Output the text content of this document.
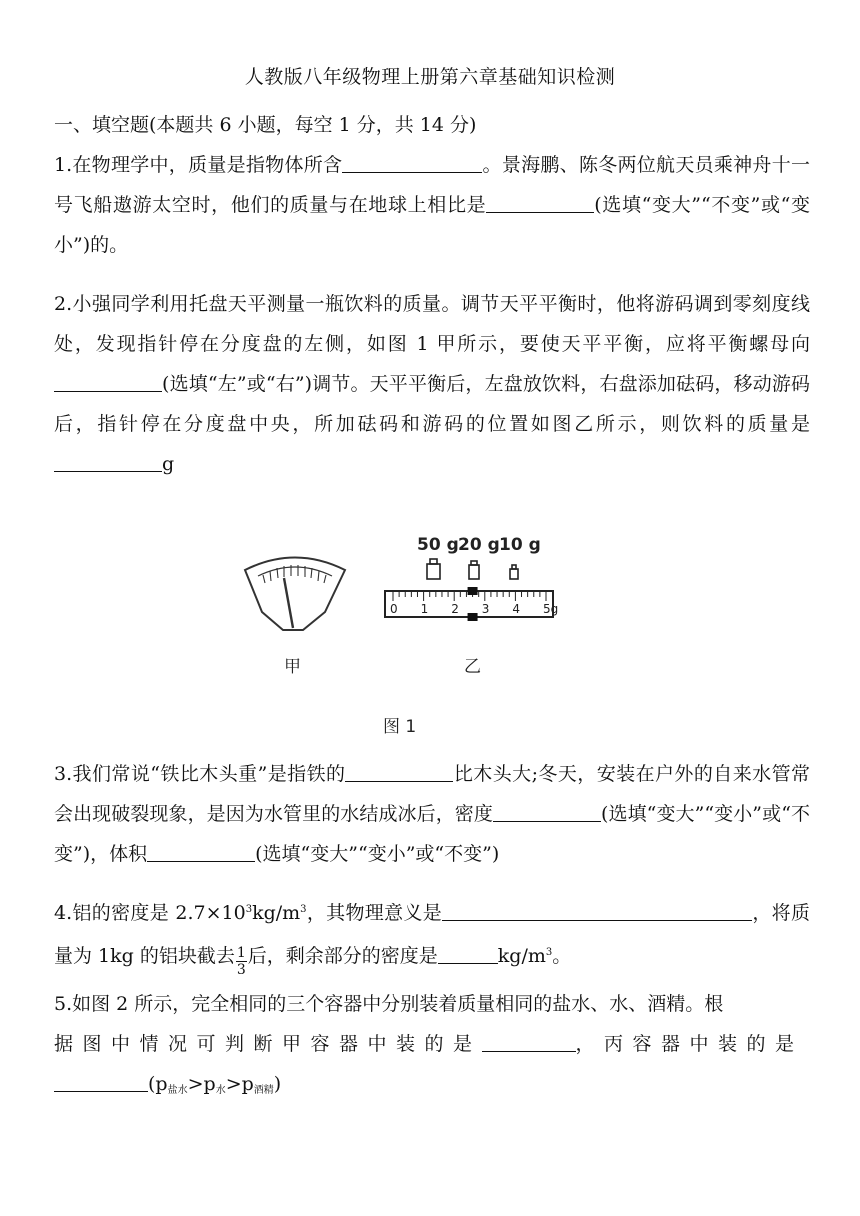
人教版八年级物理上册第六章基础知识检测
一、填空题(本题共 6 小题，每空 1 分，共 14 分)
1.在物理学中，质量是指物体所含	。景海鹏、陈冬两位航天员乘神舟十一号飞船遨游太空时，他们的质量与在地球上相比是	(选填“变大”“不变”或“变小”)的。
2.小强同学利用托盘天平测量一瓶饮料的质量。调节天平平衡时，他将游码调到零刻度线处，发现指针停在分度盘的左侧，如图 1 甲所示，要使天平平衡，应将平衡螺母向(选填“左”或“右”)调节。天平平衡后，左盘放饮料，右盘添加砝码，移动游码后，指针停在分度盘中央，所加砝码和游码的位置如图乙所示，则饮料的质量是g
甲
50 g 20 g 10 g
0 1 2 3 4 5g
乙
图 1
3.我们常说“铁比木头重”是指铁的	比木头大;冬天，安装在户外的自来水管常会出现破裂现象，是因为水管里的水结成冰后，密度	(选填“变大”“变小”或“不变”)，体积	(选填“变大”“变小”或“不变”)
4.铝的密度是 $2.7\times 10^3kg/m^3$，其物理意义是	，将质量为 1kg 的铝块截去 $\frac{1}{3}$ 后，剩余部分的密度是	$kg/m^3$。
5.如图 2 所示，完全相同的三个容器中分别装着质量相同的盐水、水、酒精。根
据图中情况可判断甲容器中装的是	，丙容器中装的是
$(p_{盐水}>p_水>p_{酒精})$
